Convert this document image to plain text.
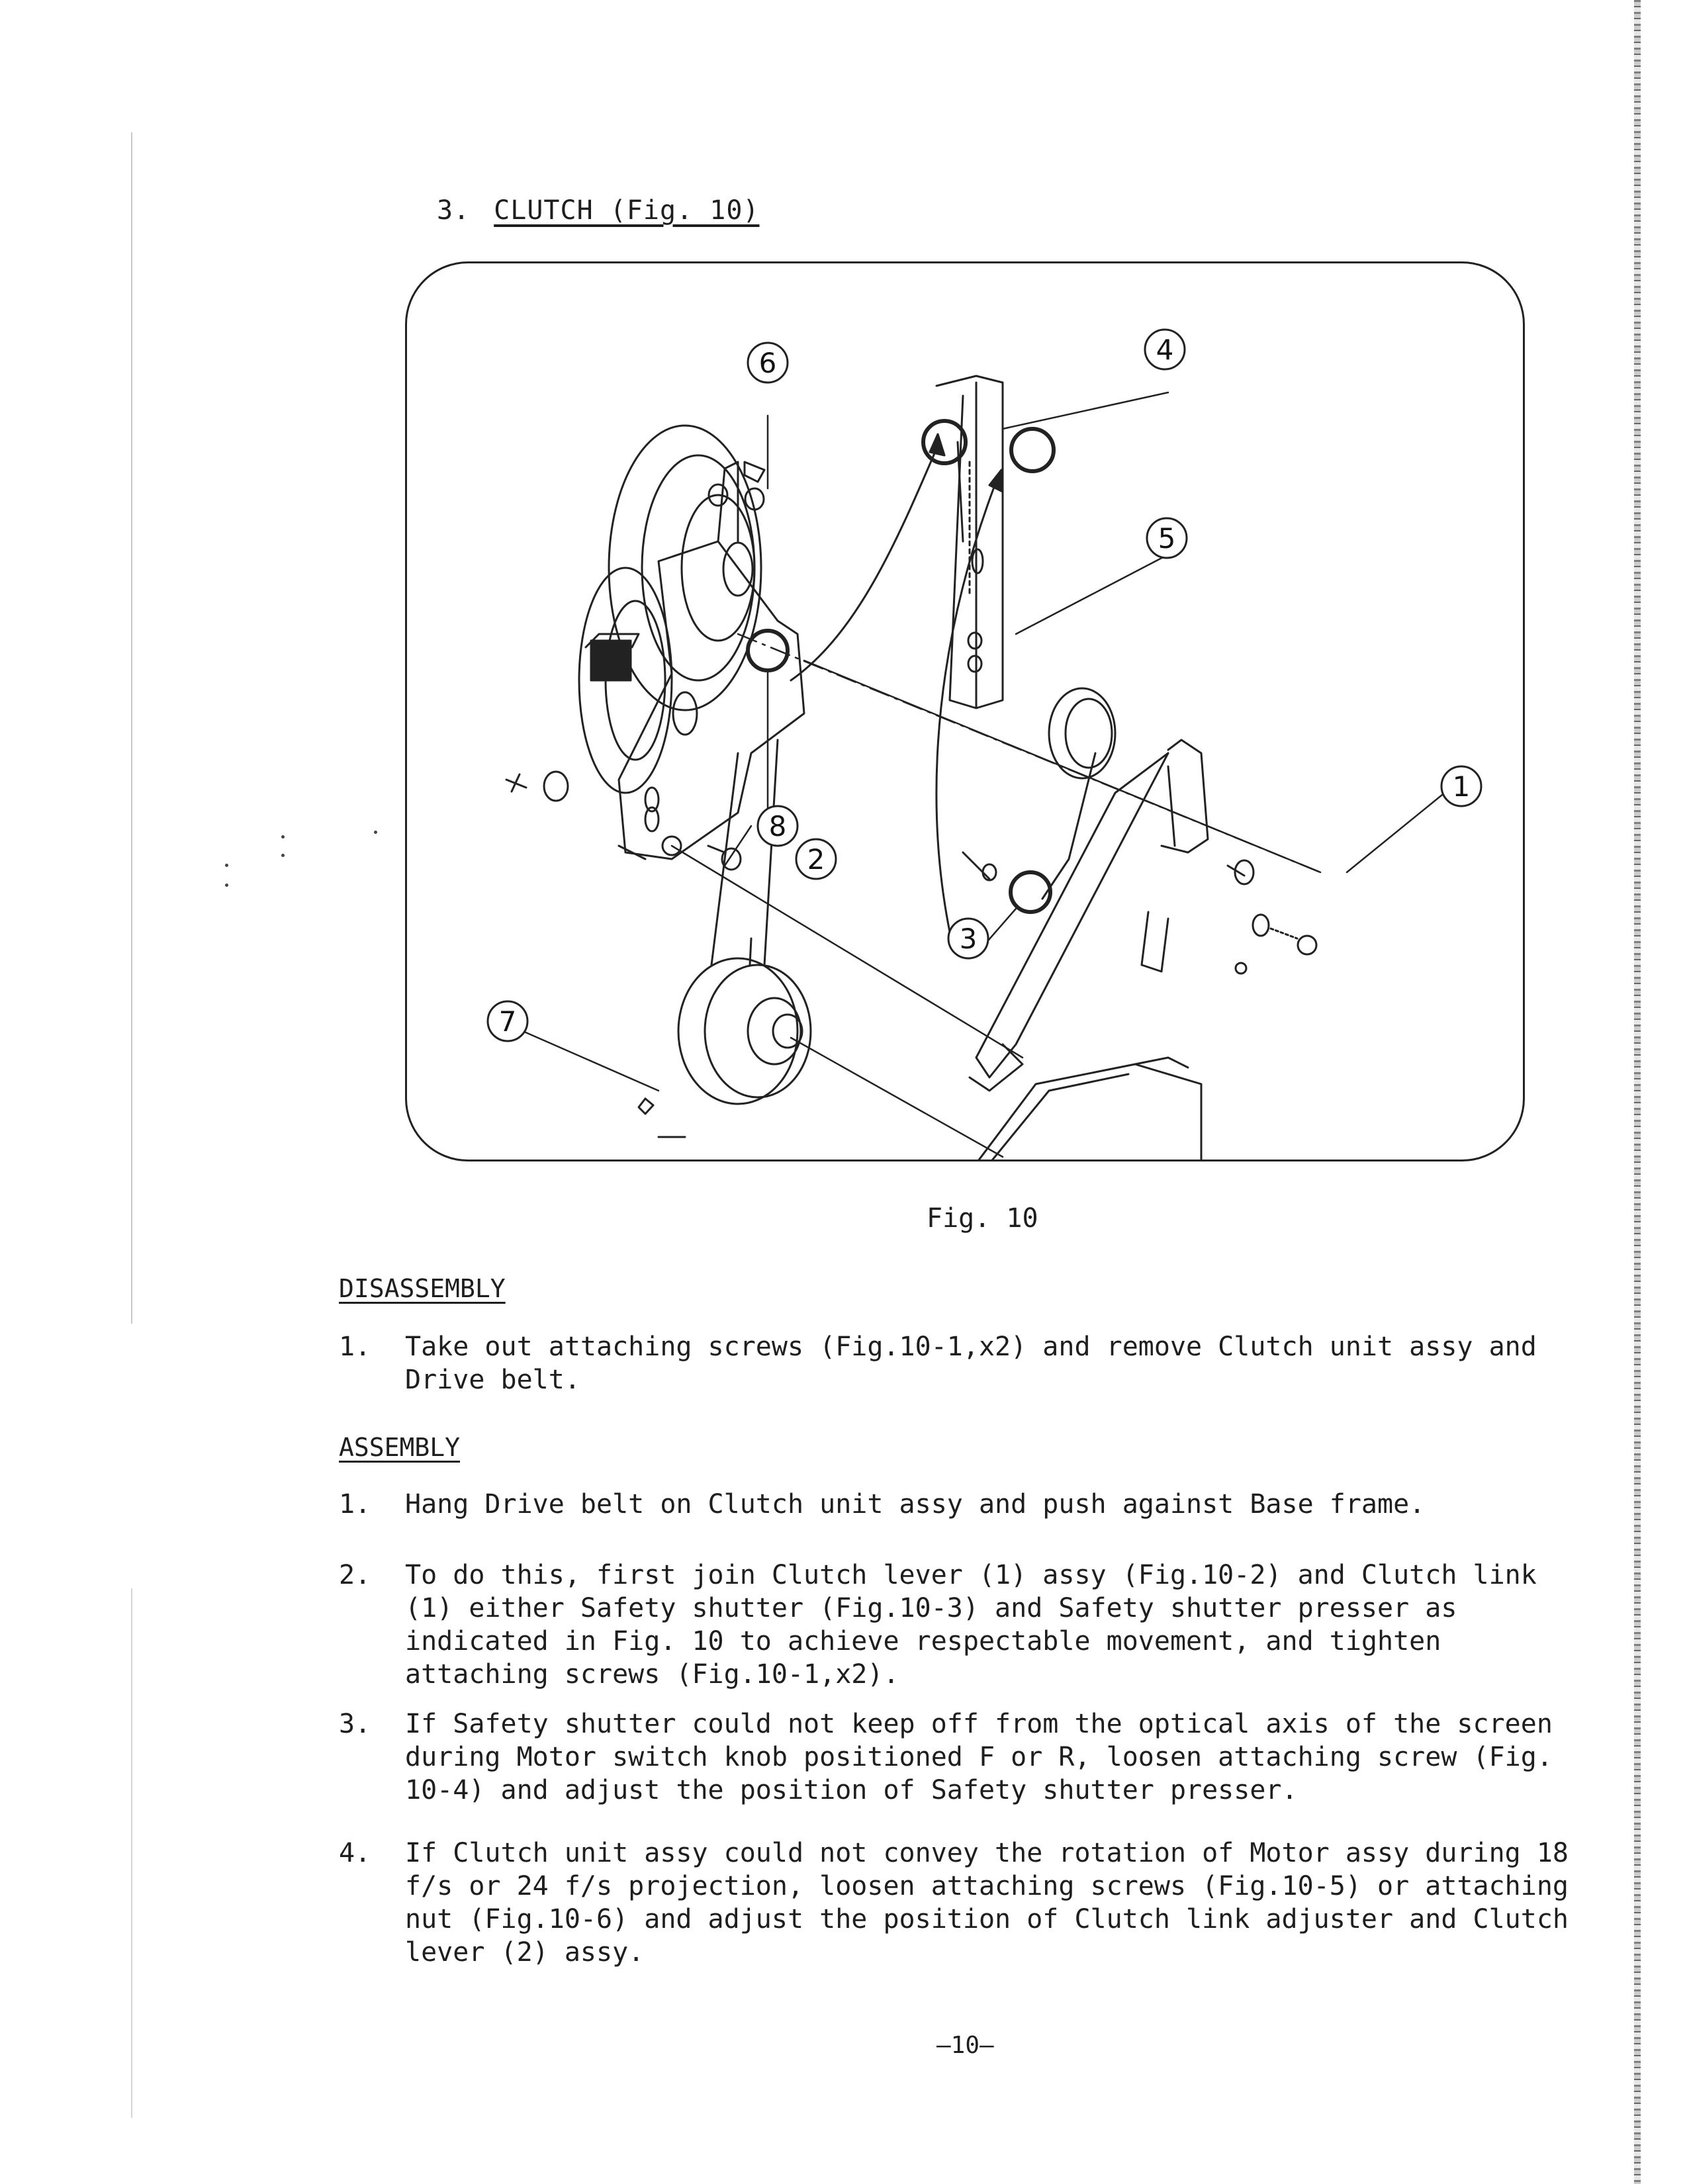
3. CLUTCH (Fig. 10)
1
2
3
4
5
6
7
8
Fig. 10
DISASSEMBLY
1. Take out attaching screws (Fig.10-1,x2) and remove Clutch unit assy and Drive belt.
ASSEMBLY
1. Hang Drive belt on Clutch unit assy and push against Base frame.
2. To do this, first join Clutch lever (1) assy (Fig.10-2) and Clutch link (1) either Safety shutter (Fig.10-3) and Safety shutter presser as indicated in Fig. 10 to achieve respectable movement, and tighten attaching screws (Fig.10-1,x2).
3. If Safety shutter could not keep off from the optical axis of the screen during Motor switch knob positioned F or R, loosen attaching screw (Fig. 10-4) and adjust the position of Safety shutter presser.
4. If Clutch unit assy could not convey the rotation of Motor assy during 18 f/s or 24 f/s projection, loosen attaching screws (Fig.10-5) or attaching nut (Fig.10-6) and adjust the position of Clutch link adjuster and Clutch lever (2) assy.
—10—
